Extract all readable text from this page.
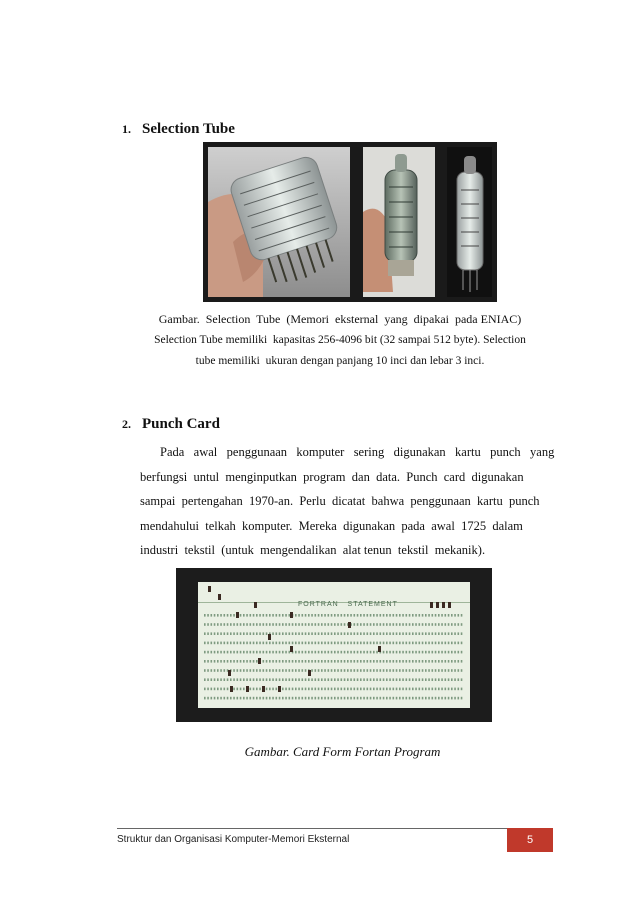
1. Selection Tube
Gambar.  Selection  Tube  (Memori  eksternal  yang  dipakai  pada ENIAC)
Selection Tube memiliki  kapasitas 256-4096 bit (32 sampai 512 byte). Selection
tube memiliki  ukuran dengan panjang 10 inci dan lebar 3 inci.
2. Punch Card
Pada   awal   penggunaan   komputer   sering   digunakan   kartu   punch   yang
berfungsi  untul  menginputkan  program  dan  data.  Punch  card  digunakan
sampai  pertengahan  1970-an.  Perlu  dicatat  bahwa  penggunaan  kartu  punch
mendahului  telkah  komputer.  Mereka  digunakan  pada  awal  1725  dalam
industri  tekstil  (untuk  mengendalikan  alat tenun  tekstil  mekanik).
FORTRAN   STATEMENT
Gambar. Card Form Fortan Program
Struktur dan Organisasi Komputer-Memori Eksternal	5
